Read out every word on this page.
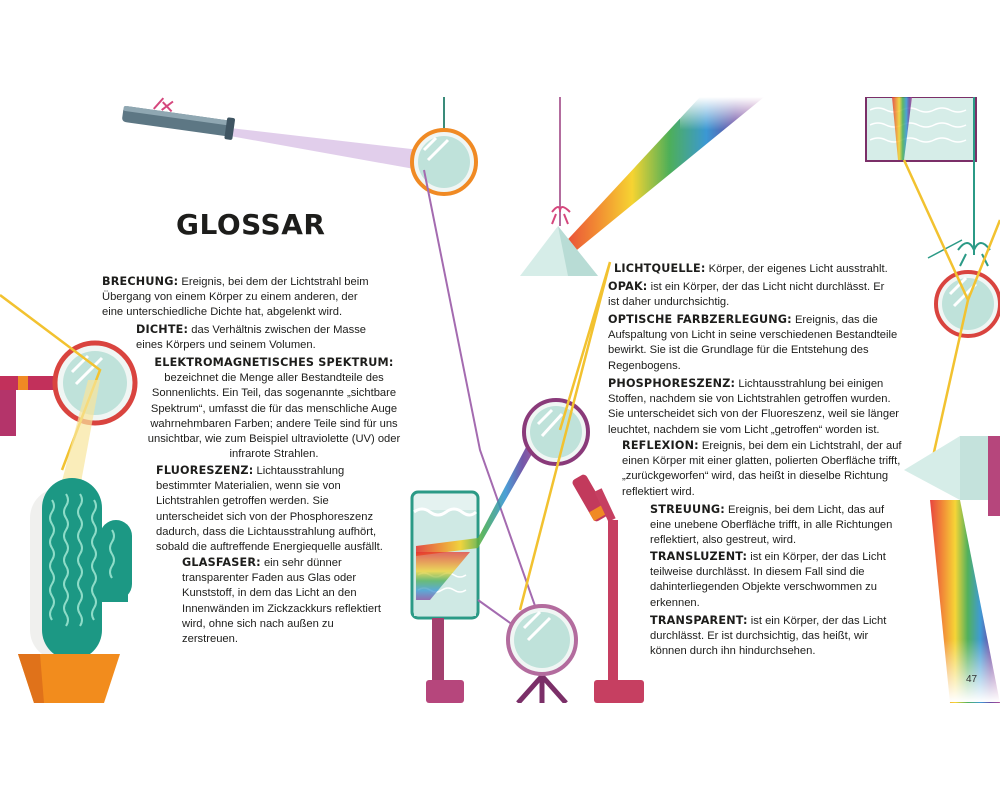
GLOSSAR
BRECHUNG: Ereignis, bei dem der Lichtstrahl beim Übergang von einem Körper zu einem anderen, der eine unterschiedliche Dichte hat, abgelenkt wird.
DICHTE: das Verhältnis zwischen der Masse eines Körpers und seinem Volumen.
ELEKTROMAGNETISCHES SPEKTRUM: bezeichnet die Menge aller Bestandteile des Sonnenlichts. Ein Teil, das sogenannte „sichtbare Spektrum“, umfasst die für das menschliche Auge wahrnehmbaren Farben; andere Teile sind für uns unsichtbar, wie zum Beispiel ultraviolette (UV) oder infrarote Strahlen.
FLUORESZENZ: Lichtausstrahlung bestimmter Materialien, wenn sie von Lichtstrahlen getroffen werden. Sie unterscheidet sich von der Phosphoreszenz dadurch, dass die Lichtausstrahlung aufhört, sobald die auftreffende Energiequelle ausfällt.
GLASFASER: ein sehr dünner transparenter Faden aus Glas oder Kunststoff, in dem das Licht an den Innenwänden im Zickzackkurs reflektiert wird, ohne sich nach außen zu zerstreuen.
LICHTQUELLE: Körper, der eigenes Licht ausstrahlt.
OPAK: ist ein Körper, der das Licht nicht durchlässt. Er ist daher undurchsichtig.
OPTISCHE FARBZERLEGUNG: Ereignis, das die Aufspaltung von Licht in seine verschiedenen Bestandteile bewirkt. Sie ist die Grundlage für die Entstehung des Regenbogens.
PHOSPHORESZENZ: Lichtausstrahlung bei einigen Stoffen, nachdem sie von Lichtstrahlen getroffen wurden. Sie unterscheidet sich von der Fluoreszenz, weil sie länger leuchtet, nachdem sie vom Licht „getroffen“ worden ist.
REFLEXION: Ereignis, bei dem ein Lichtstrahl, der auf einen Körper mit einer glatten, polierten Oberfläche trifft, „zurückgeworfen“ wird, das heißt in dieselbe Richtung reflektiert wird.
STREUUNG: Ereignis, bei dem Licht, das auf eine unebene Oberfläche trifft, in alle Richtungen reflektiert, also gestreut, wird.
TRANSLUZENT: ist ein Körper, der das Licht teilweise durchlässt. In diesem Fall sind die dahinterliegenden Objekte verschwommen zu erkennen.
TRANSPARENT: ist ein Körper, der das Licht durchlässt. Er ist durchsichtig, das heißt, wir können durch ihn hindurchsehen.
47
